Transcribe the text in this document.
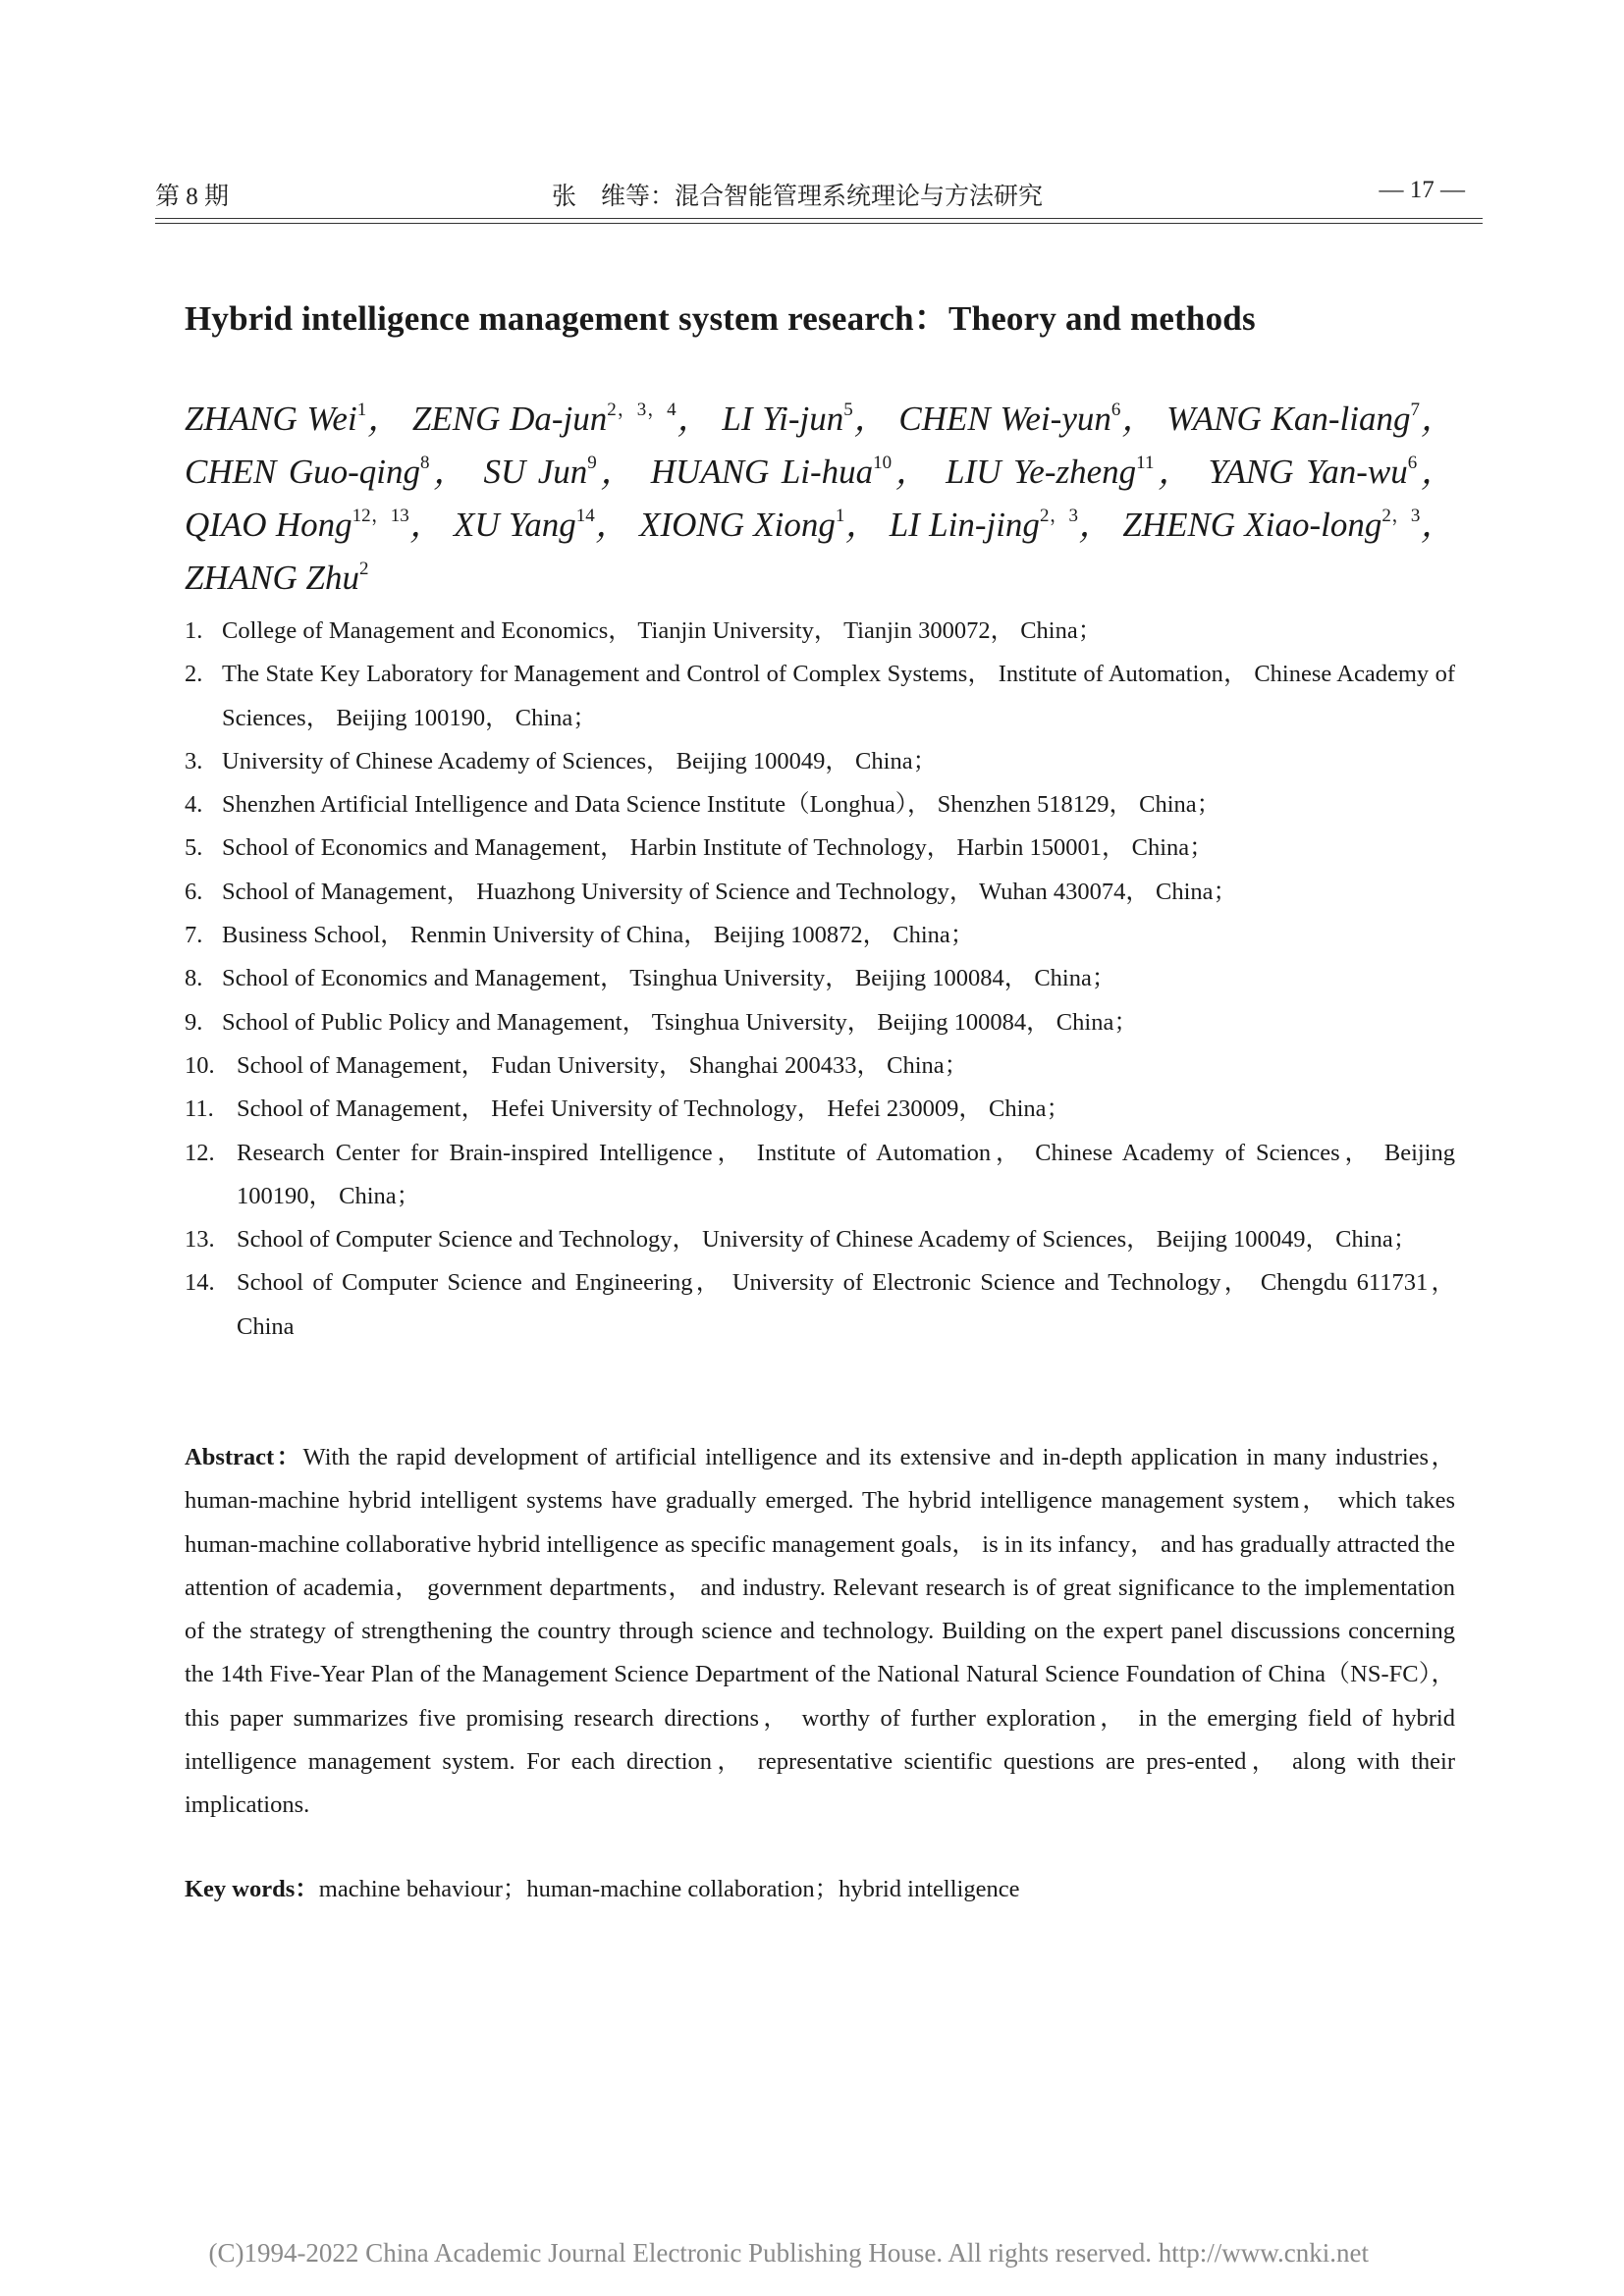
第 8 期	张　维等：混合智能管理系统理论与方法研究	— 17 —
Hybrid intelligence management system research：Theory and methods
ZHANG Wei$^1$， ZENG Da-jun$^{2,3,4}$， LI Yi-jun$^5$， CHEN Wei-yun$^6$， WANG Kan-liang$^7$， CHEN Guo-qing$^8$， SU Jun$^9$， HUANG Li-hua$^{10}$， LIU Ye-zheng$^{11}$， YANG Yan-$wu^6$， QIAO Hong$^{12,13}$， XU Yang$^{14}$， XIONG Xiong$^1$， LI Lin-jing$^{2,3}$， ZHENG Xiao-long$^{2,3}$， ZHANG Zhu$^2$
1. College of Management and Economics， Tianjin University， Tianjin 300072， China；
2. The State Key Laboratory for Management and Control of Complex Systems， Institute of Automation， Chinese Academy of Sciences， Beijing 100190， China；
3. University of Chinese Academy of Sciences， Beijing 100049， China；
4. Shenzhen Artificial Intelligence and Data Science Institute（Longhua）， Shenzhen 518129， China；
5. School of Economics and Management， Harbin Institute of Technology， Harbin 150001， China；
6. School of Management， Huazhong University of Science and Technology， Wuhan 430074， China；
7. Business School， Renmin University of China， Beijing 100872， China；
8. School of Economics and Management， Tsinghua University， Beijing 100084， China；
9. School of Public Policy and Management， Tsinghua University， Beijing 100084， China；
10. School of Management， Fudan University， Shanghai 200433， China；
11. School of Management， Hefei University of Technology， Hefei 230009， China；
12. Research Center for Brain-inspired Intelligence， Institute of Automation， Chinese Academy of Sciences， Beijing 100190， China；
13. School of Computer Science and Technology， University of Chinese Academy of Sciences， Beijing 100049， China；
14. School of Computer Science and Engineering， University of Electronic Science and Technology， Chengdu 611731， China
Abstract：With the rapid development of artificial intelligence and its extensive and in-depth application in many industries， human-machine hybrid intelligent systems have gradually emerged. The hybrid intelligence management system， which takes human-machine collaborative hybrid intelligence as specific management goals， is in its infancy， and has gradually attracted the attention of academia， government departments， and industry. Relevant research is of great significance to the implementation of the strategy of strengthening the country through science and technology. Building on the expert panel discussions concerning the 14th Five-Year Plan of the Management Science Department of the National Natural Science Foundation of China（NS-FC）， this paper summarizes five promising research directions， worthy of further exploration， in the emerging field of hybrid intelligence management system. For each direction， representative scientific questions are pres-ented， along with their implications.
Key words：machine behaviour；human-machine collaboration；hybrid intelligence
(C)1994-2022 China Academic Journal Electronic Publishing House. All rights reserved. http://www.cnki.net
